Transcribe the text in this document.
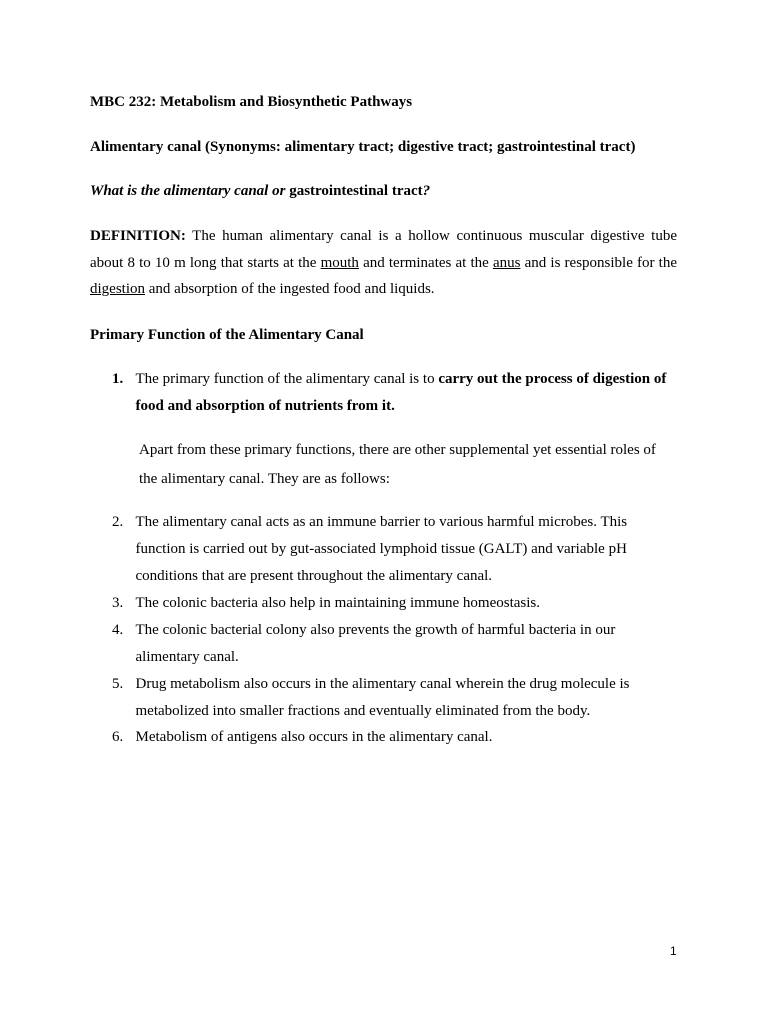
MBC 232: Metabolism and Biosynthetic Pathways

Alimentary canal (Synonyms: alimentary tract; digestive tract; gastrointestinal tract)

What is the alimentary canal or gastrointestinal tract?

DEFINITION: The human alimentary canal is a hollow continuous muscular digestive tube about 8 to 10 m long that starts at the mouth and terminates at the anus and is responsible for the digestion and absorption of the ingested food and liquids.

Primary Function of the Alimentary Canal

1. The primary function of the alimentary canal is to carry out the process of digestion of food and absorption of nutrients from it.

Apart from these primary functions, there are other supplemental yet essential roles of
the alimentary canal. They are as follows:

2. The alimentary canal acts as an immune barrier to various harmful microbes. This function is carried out by gut-associated lymphoid tissue (GALT) and variable pH conditions that are present throughout the alimentary canal.
3. The colonic bacteria also help in maintaining immune homeostasis.
4. The colonic bacterial colony also prevents the growth of harmful bacteria in our alimentary canal.
5. Drug metabolism also occurs in the alimentary canal wherein the drug molecule is metabolized into smaller fractions and eventually eliminated from the body.
6. Metabolism of antigens also occurs in the alimentary canal.
1
